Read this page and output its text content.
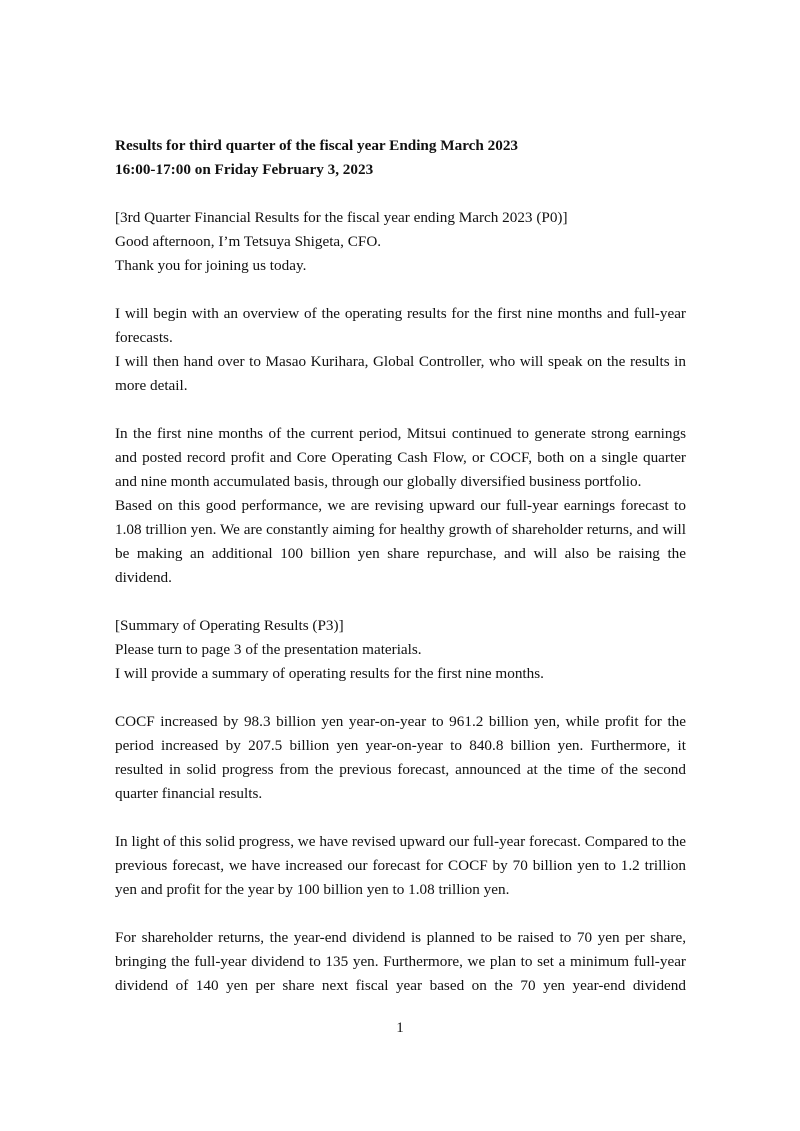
Results for third quarter of the fiscal year Ending March 2023
16:00-17:00 on Friday February 3, 2023
[3rd Quarter Financial Results for the fiscal year ending March 2023 (P0)]
Good afternoon, I’m Tetsuya Shigeta, CFO.
Thank you for joining us today.

I will begin with an overview of the operating results for the first nine months and full-year forecasts.

I will then hand over to Masao Kurihara, Global Controller, who will speak on the results in more detail.

In the first nine months of the current period, Mitsui continued to generate strong earnings and posted record profit and Core Operating Cash Flow, or COCF, both on a single quarter and nine month accumulated basis, through our globally diversified business portfolio.

Based on this good performance, we are revising upward our full-year earnings forecast to 1.08 trillion yen. We are constantly aiming for healthy growth of shareholder returns, and will be making an additional 100 billion yen share repurchase, and will also be raising the dividend.

[Summary of Operating Results (P3)]
Please turn to page 3 of the presentation materials.
I will provide a summary of operating results for the first nine months.

COCF increased by 98.3 billion yen year-on-year to 961.2 billion yen, while profit for the period increased by 207.5 billion yen year-on-year to 840.8 billion yen. Furthermore, it resulted in solid progress from the previous forecast, announced at the time of the second quarter financial results.

In light of this solid progress, we have revised upward our full-year forecast. Compared to the previous forecast, we have increased our forecast for COCF by 70 billion yen to 1.2 trillion yen and profit for the year by 100 billion yen to 1.08 trillion yen.

For shareholder returns, the year-end dividend is planned to be raised to 70 yen per share, bringing the full-year dividend to 135 yen. Furthermore, we plan to set a minimum full-year dividend of 140 yen per share next fiscal year based on the 70 yen year-end dividend

1
